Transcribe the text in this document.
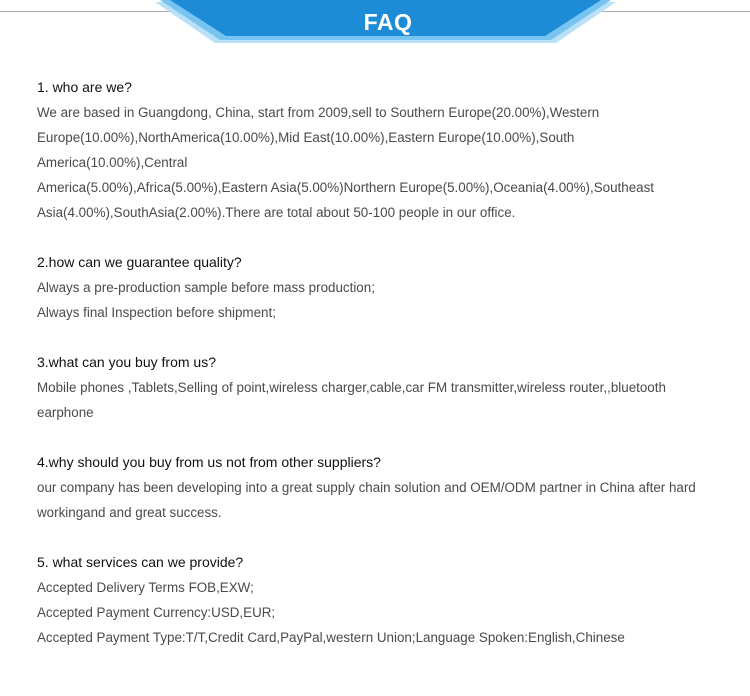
FAQ
1. who are we?
We are based in Guangdong, China, start from 2009,sell to Southern Europe(20.00%),Western
Europe(10.00%),NorthAmerica(10.00%),Mid East(10.00%),Eastern Europe(10.00%),South
America(10.00%),Central
America(5.00%),Africa(5.00%),Eastern Asia(5.00%)Northern Europe(5.00%),Oceania(4.00%),Southeast
Asia(4.00%),SouthAsia(2.00%).There are total about 50-100 people in our office.
2.how can we guarantee quality?
Always a pre-production sample before mass production;
Always final Inspection before shipment;
3.what can you buy from us?
Mobile phones ,Tablets,Selling of point,wireless charger,cable,car FM transmitter,wireless router,,bluetooth
earphone
4.why should you buy from us not from other suppliers?
our company has been developing into a great supply chain solution and OEM/ODM partner in China after hard
workingand and great success.
5. what services can we provide?
Accepted Delivery Terms FOB,EXW;
Accepted Payment Currency:USD,EUR;
Accepted Payment Type:T/T,Credit Card,PayPal,western Union;Language Spoken:English,Chinese
